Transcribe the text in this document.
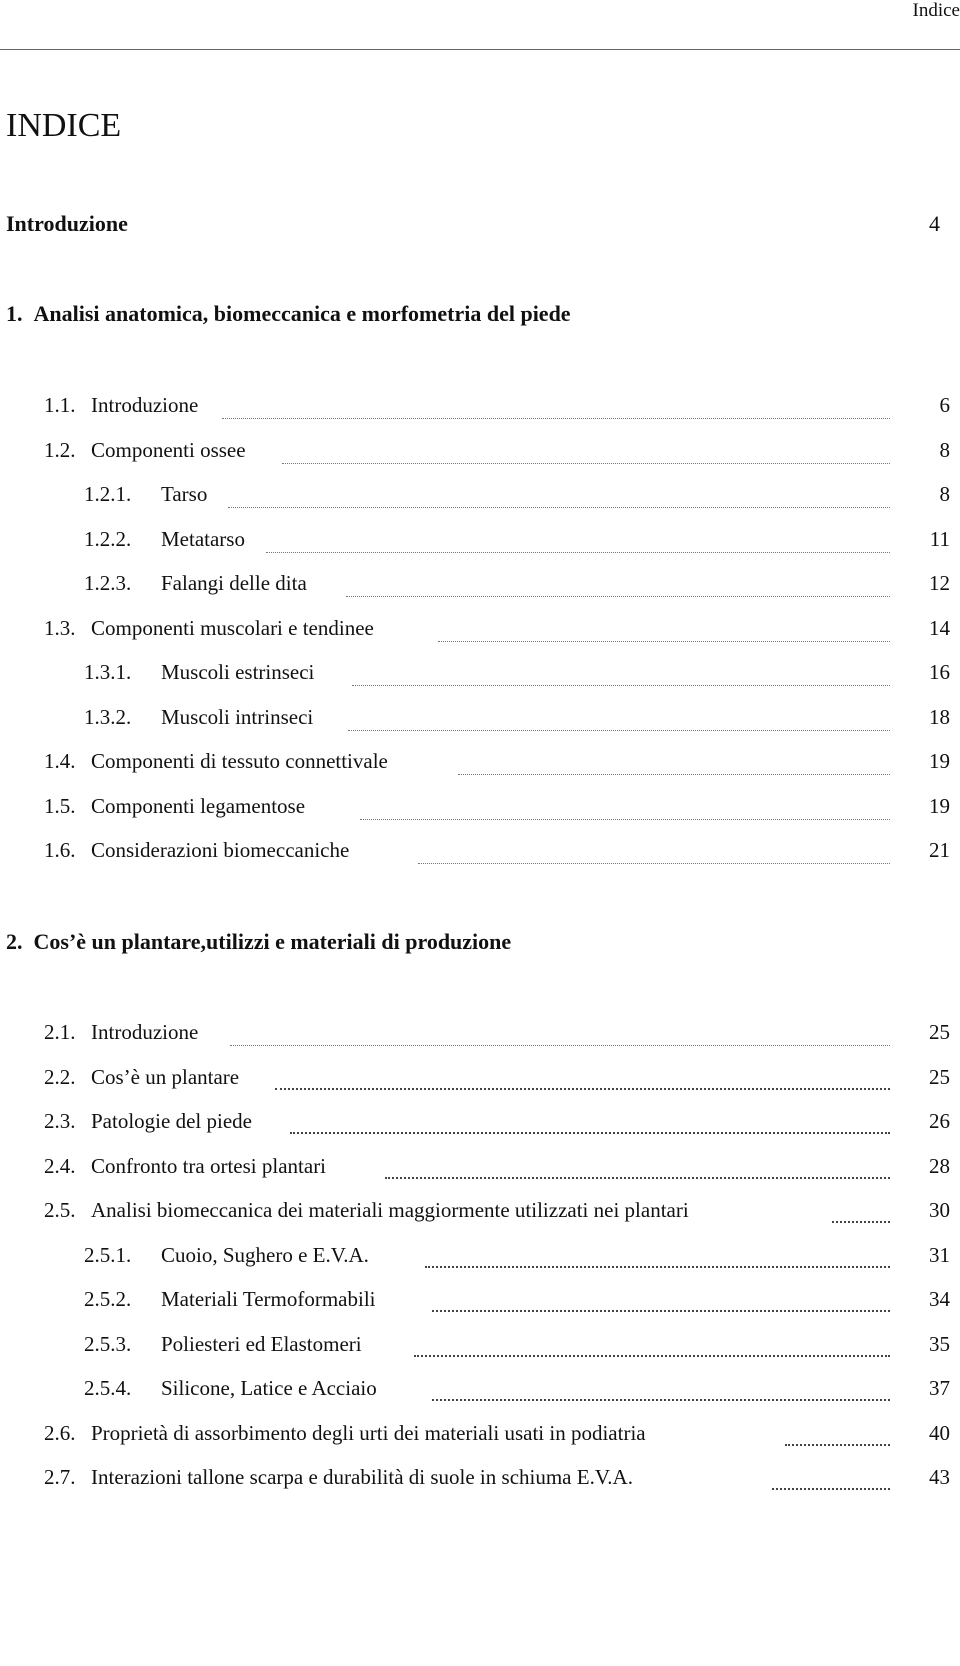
Indice
INDICE
Introduzione	4
1.  Analisi anatomica, biomeccanica e morfometria del piede
1.1. Introduzione	6
1.2. Componenti ossee	8
1.2.1. Tarso	8
1.2.2. Metatarso	11
1.2.3. Falangi delle dita	12
1.3. Componenti muscolari e tendinee	14
1.3.1. Muscoli estrinseci	16
1.3.2. Muscoli intrinseci	18
1.4. Componenti di tessuto connettivale	19
1.5. Componenti legamentose	19
1.6. Considerazioni biomeccaniche	21
2.  Cos’è un plantare,utilizzi e materiali di produzione
2.1. Introduzione	25
2.2. Cos’è un plantare	25
2.3. Patologie del piede	26
2.4. Confronto tra ortesi plantari	28
2.5. Analisi biomeccanica dei materiali maggiormente utilizzati nei plantari	30
2.5.1. Cuoio, Sughero e E.V.A.	31
2.5.2. Materiali Termoformabili	34
2.5.3. Poliesteri ed Elastomeri	35
2.5.4. Silicone, Latice e Acciaio	37
2.6. Proprietà di assorbimento degli urti dei materiali usati in podiatria	40
2.7. Interazioni tallone scarpa e durabilità di suole in schiuma E.V.A.	43
